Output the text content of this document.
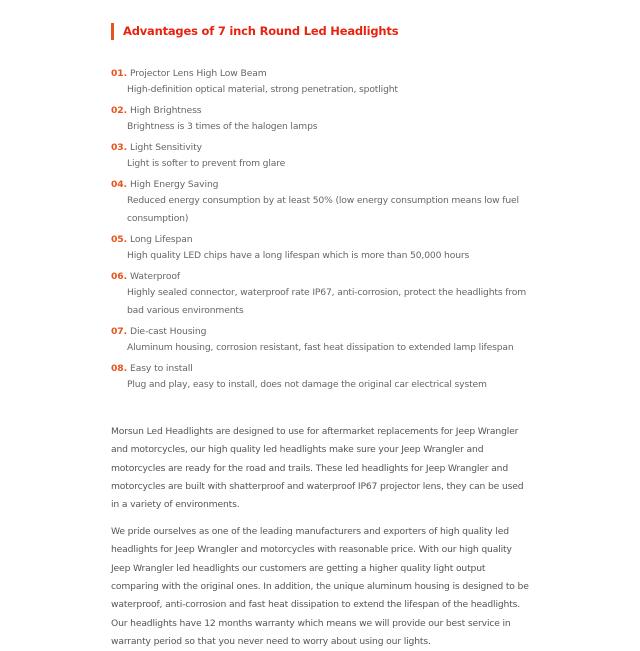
Advantages of 7 inch Round Led Headlights
01. Projector Lens High Low Beam
High-definition optical material, strong penetration, spotlight
02. High Brightness
Brightness is 3 times of the halogen lamps
03. Light Sensitivity
Light is softer to prevent from glare
04. High Energy Saving
Reduced energy consumption by at least 50% (low energy consumption means low fuel consumption)
05. Long Lifespan
High quality LED chips have a long lifespan which is more than 50,000 hours
06. Waterproof
Highly sealed connector, waterproof rate IP67, anti-corrosion, protect the headlights from bad various environments
07. Die-cast Housing
Aluminum housing, corrosion resistant, fast heat dissipation to extended lamp lifespan
08. Easy to install
Plug and play, easy to install, does not damage the original car electrical system

Morsun Led Headlights are designed to use for aftermarket replacements for Jeep Wrangler and motorcycles, our high quality led headlights make sure your Jeep Wrangler and motorcycles are ready for the road and trails. These led headlights for Jeep Wrangler and motorcycles are built with shatterproof and waterproof IP67 projector lens, they can be used in a variety of environments.

We pride ourselves as one of the leading manufacturers and exporters of high quality led headlights for Jeep Wrangler and motorcycles with reasonable price. With our high quality Jeep Wrangler led headlights our customers are getting a higher quality light output comparing with the original ones. In addition, the unique aluminum housing is designed to be waterproof, anti-corrosion and fast heat dissipation to extend the lifespan of the headlights. Our headlights have 12 months warranty which means we will provide our best service in warranty period so that you never need to worry about using our lights.
